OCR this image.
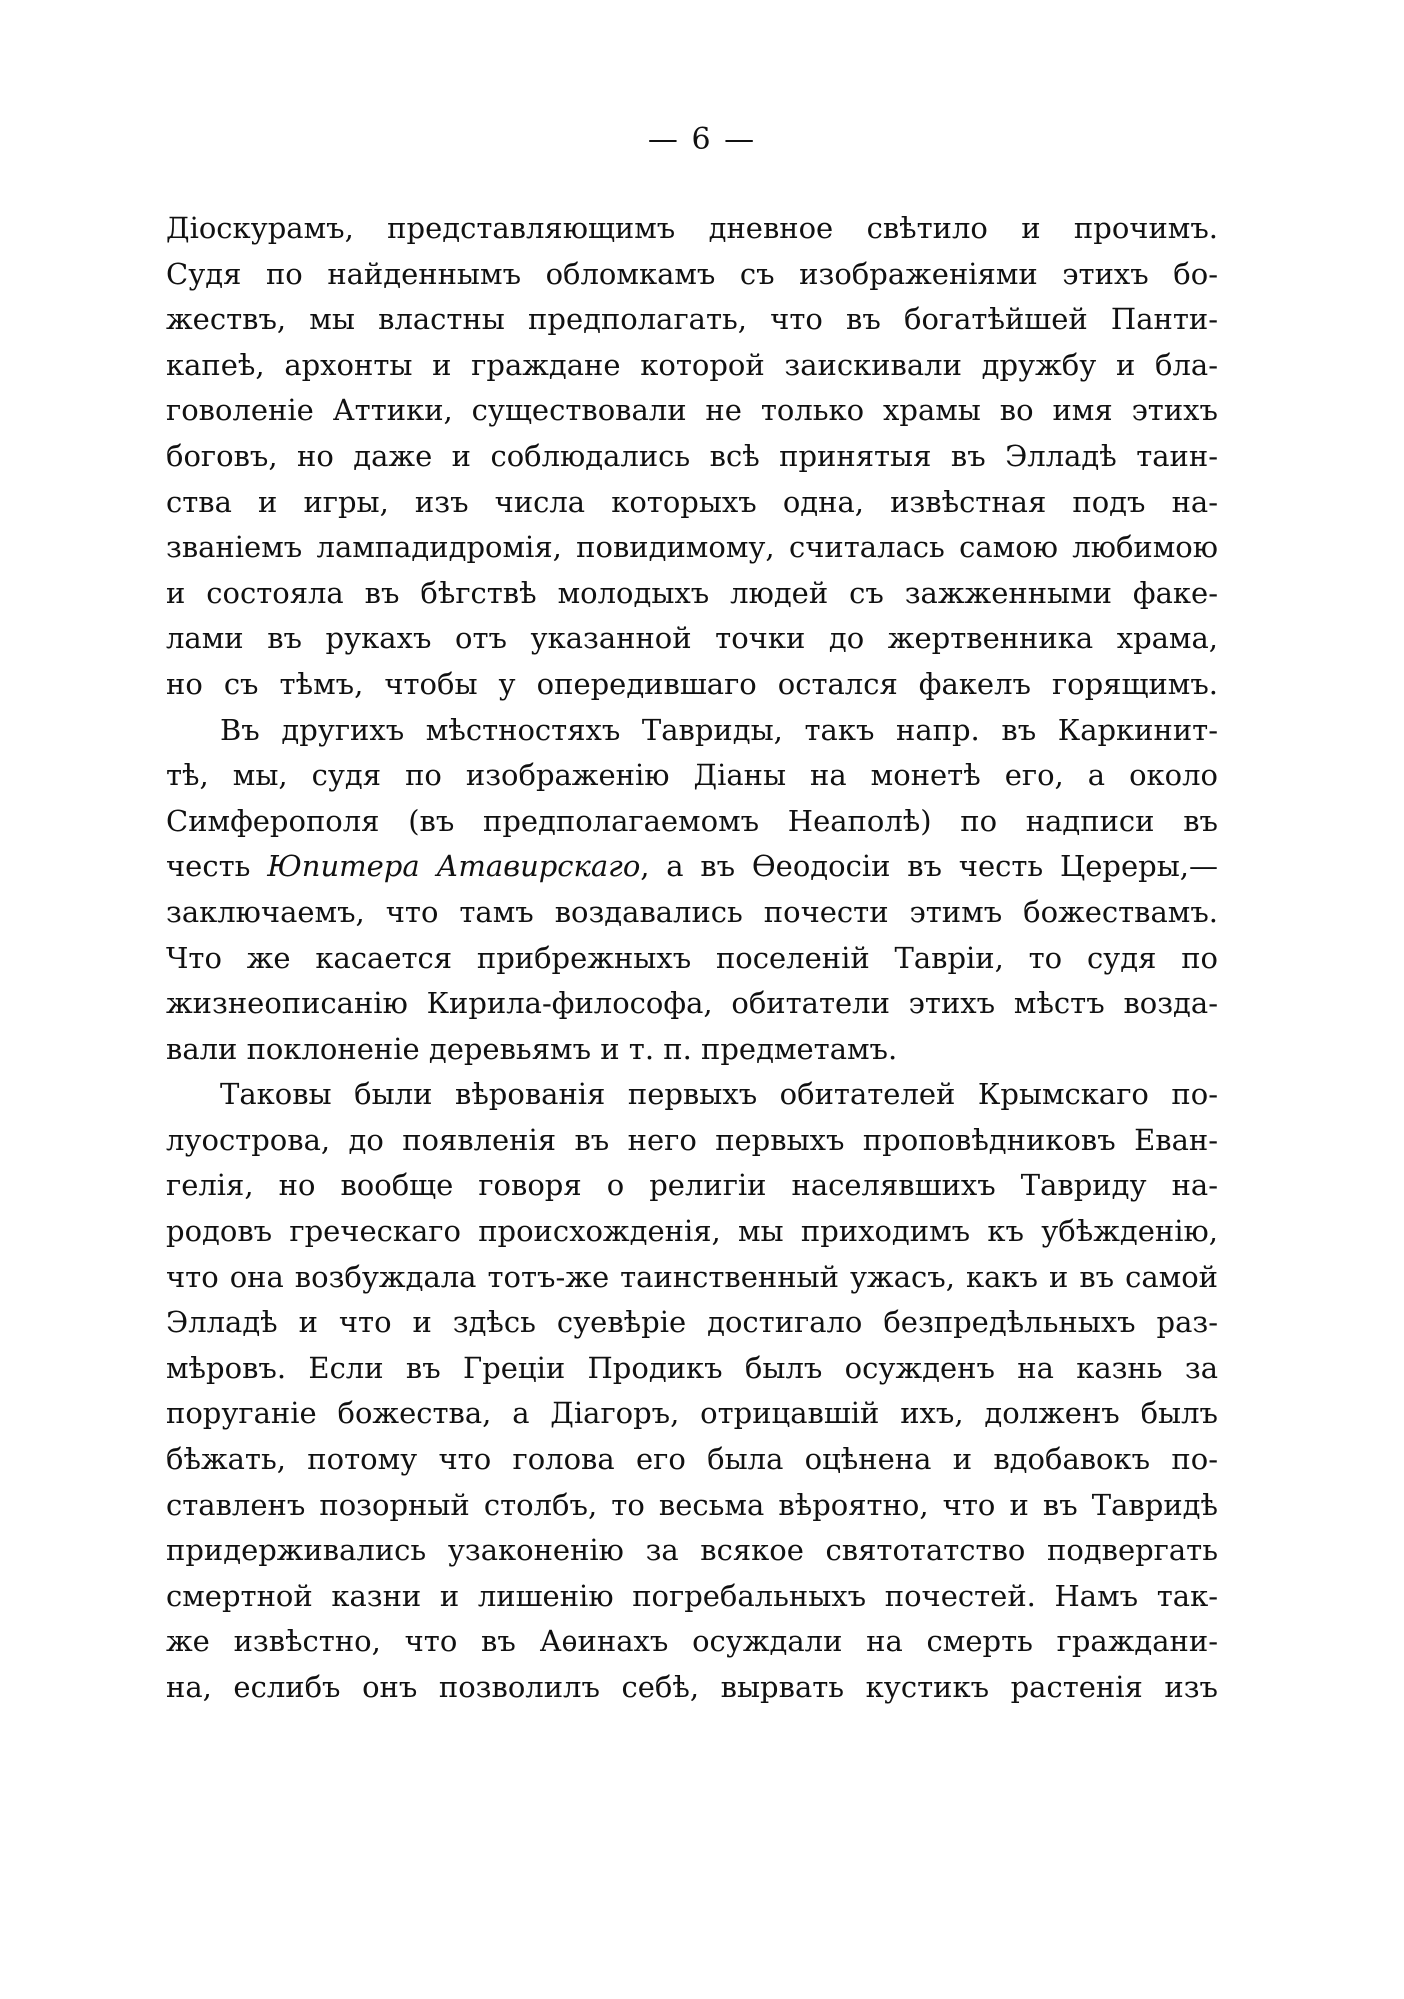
— 6 —
Діоскурамъ, представляющимъ дневное свѣтило и прочимъ.
Судя по найденнымъ обломкамъ съ изображеніями этихъ бо-
жествъ, мы властны предполагать, что въ богатѣйшей Панти-
капеѣ, архонты и граждане которой заискивали дружбу и бла-
говоленіе Аттики, существовали не только храмы во имя этихъ
боговъ, но даже и соблюдались всѣ принятыя въ Элладѣ таин-
ства и игры, изъ числа которыхъ одна, извѣстная подъ на-
званіемъ лампадидромія, повидимому, считалась самою любимою
и состояла въ бѣгствѣ молодыхъ людей съ зажженными факе-
лами въ рукахъ отъ указанной точки до жертвенника храма,
но съ тѣмъ, чтобы у опередившаго остался факелъ горящимъ.
Въ другихъ мѣстностяхъ Тавриды, такъ напр. въ Каркинит-
тѣ, мы, судя по изображенію Діаны на монетѣ его, а около
Симферополя (въ предполагаемомъ Неаполѣ) по надписи въ
честь Юпитера Атавирскаго, а въ Ѳеодосіи въ честь Цереры,—
заключаемъ, что тамъ воздавались почести этимъ божествамъ.
Что же касается прибрежныхъ поселеній Тавріи, то судя по
жизнеописанію Кирила-философа, обитатели этихъ мѣстъ возда-
вали поклоненіе деревьямъ и т. п. предметамъ.
Таковы были вѣрованія первыхъ обитателей Крымскаго по-
луострова, до появленія въ него первыхъ проповѣдниковъ Еван-
гелія, но вообще говоря о религіи населявшихъ Тавриду на-
родовъ греческаго происхожденія, мы приходимъ къ убѣжденію,
что она возбуждала тотъ-же таинственный ужасъ, какъ и въ самой
Элладѣ и что и здѣсь суевѣріе достигало безпредѣльныхъ раз-
мѣровъ. Если въ Греціи Продикъ былъ осужденъ на казнь за
поруганіе божества, а Діагоръ, отрицавшій ихъ, долженъ былъ
бѣжать, потому что голова его была оцѣнена и вдобавокъ по-
ставленъ позорный столбъ, то весьма вѣроятно, что и въ Тавридѣ
придерживались узаконенію за всякое святотатство подвергать
смертной казни и лишенію погребальныхъ почестей. Намъ так-
же извѣстно, что въ Аѳинахъ осуждали на смерть граждани-
на, еслибъ онъ позволилъ себѣ, вырвать кустикъ растенія изъ
